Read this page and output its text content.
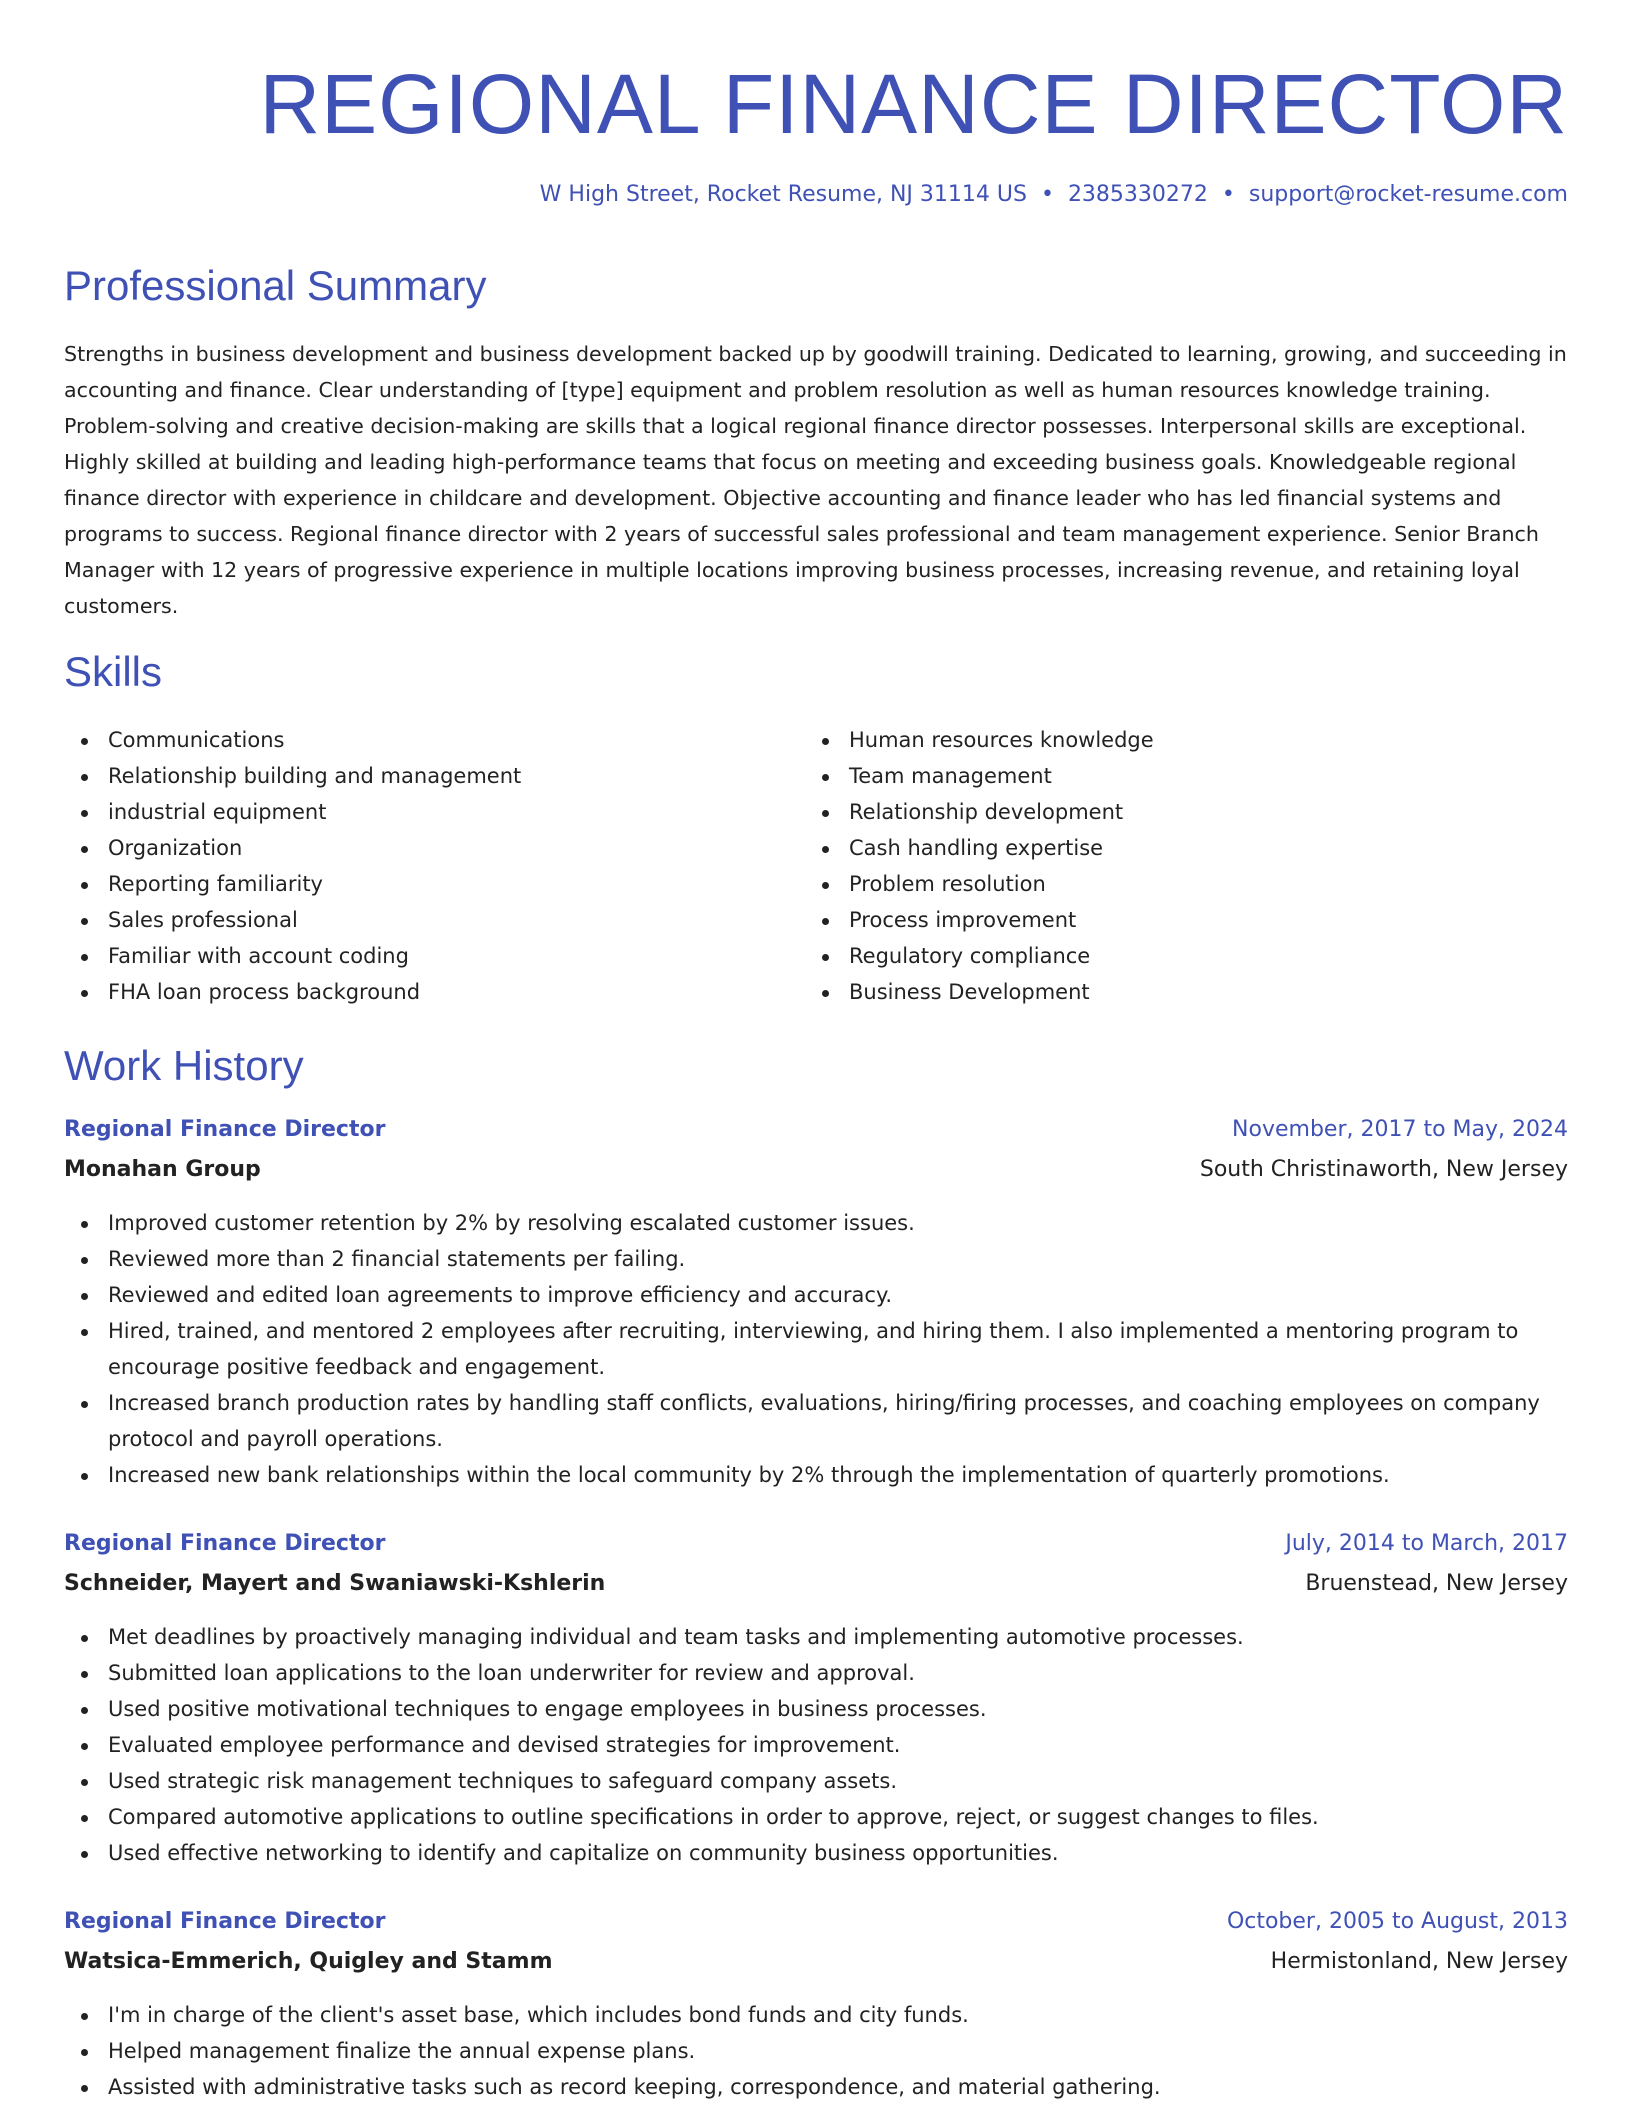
REGIONAL FINANCE DIRECTOR
W High Street, Rocket Resume, NJ 31114 US • 2385330272 • support@rocket-resume.com
Professional Summary

Strengths in business development and business development backed up by goodwill training. Dedicated to learning, growing, and succeeding in accounting and finance. Clear understanding of [type] equipment and problem resolution as well as human resources knowledge training. Problem-solving and creative decision-making are skills that a logical regional finance director possesses. Interpersonal skills are exceptional. Highly skilled at building and leading high-performance teams that focus on meeting and exceeding business goals. Knowledgeable regional finance director with experience in childcare and development. Objective accounting and finance leader who has led financial systems and programs to success. Regional finance director with 2 years of successful sales professional and team management experience. Senior Branch Manager with 12 years of progressive experience in multiple locations improving business processes, increasing revenue, and retaining loyal customers.

Skills
Communications
Relationship building and management
industrial equipment
Organization
Reporting familiarity
Sales professional
Familiar with account coding
FHA loan process background
Human resources knowledge
Team management
Relationship development
Cash handling expertise
Problem resolution
Process improvement
Regulatory compliance
Business Development
Work History
Regional Finance Director	November, 2017 to May, 2024
Monahan Group	South Christinaworth, New Jersey
Improved customer retention by 2% by resolving escalated customer issues.
Reviewed more than 2 financial statements per failing.
Reviewed and edited loan agreements to improve efficiency and accuracy.
Hired, trained, and mentored 2 employees after recruiting, interviewing, and hiring them. I also implemented a mentoring program to encourage positive feedback and engagement.
Increased branch production rates by handling staff conflicts, evaluations, hiring/firing processes, and coaching employees on company protocol and payroll operations.
Increased new bank relationships within the local community by 2% through the implementation of quarterly promotions.
Regional Finance Director	July, 2014 to March, 2017
Schneider, Mayert and Swaniawski-Kshlerin	Bruenstead, New Jersey
Met deadlines by proactively managing individual and team tasks and implementing automotive processes.
Submitted loan applications to the loan underwriter for review and approval.
Used positive motivational techniques to engage employees in business processes.
Evaluated employee performance and devised strategies for improvement.
Used strategic risk management techniques to safeguard company assets.
Compared automotive applications to outline specifications in order to approve, reject, or suggest changes to files.
Used effective networking to identify and capitalize on community business opportunities.
Regional Finance Director	October, 2005 to August, 2013
Watsica-Emmerich, Quigley and Stamm	Hermistonland, New Jersey
I'm in charge of the client's asset base, which includes bond funds and city funds.
Helped management finalize the annual expense plans.
Assisted with administrative tasks such as record keeping, correspondence, and material gathering.
